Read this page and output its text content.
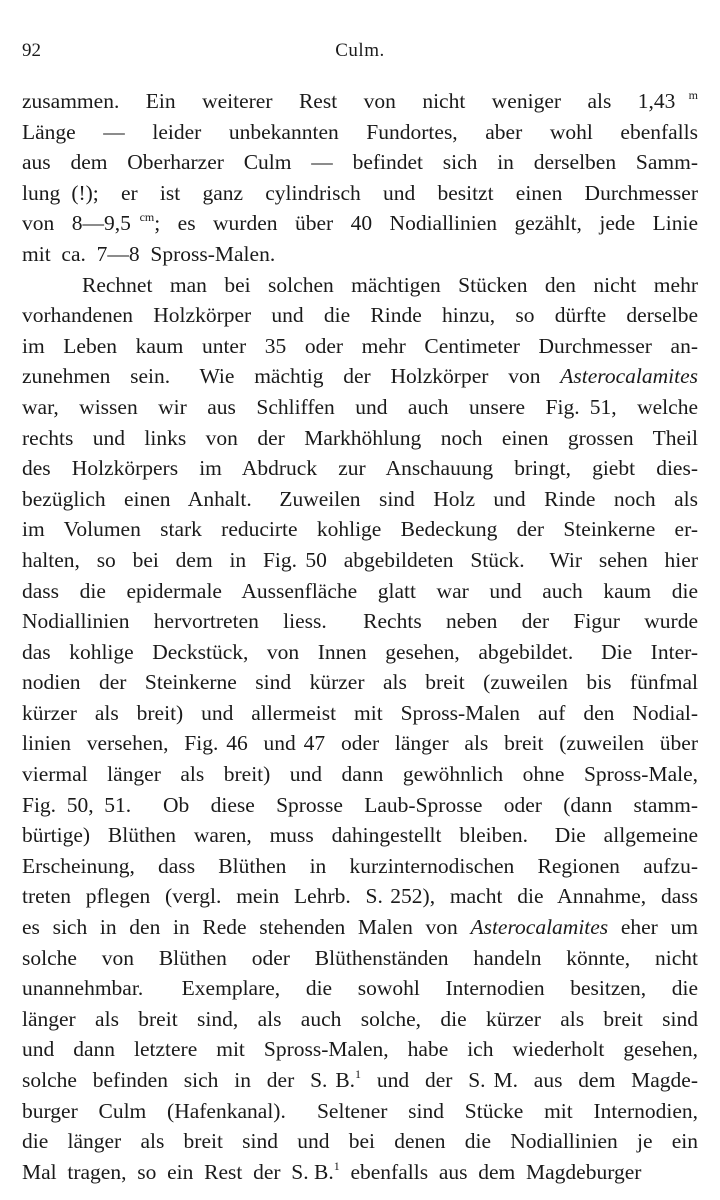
92	Culm.
zusammen.  Ein  weiterer  Rest  von  nicht  weniger  als  1,43 $^m$
Länge  —  leider  unbekannten  Fundortes,  aber  wohl  ebenfalls
aus  dem  Oberharzer  Culm  —  befindet  sich  in  derselben  Samm-
lung (!);  er  ist  ganz  cylindrisch  und  besitzt  einen  Durchmesser
von  8—9,5 $^{cm}$;  es  wurden  über  40  Nodiallinien  gezählt,  jede  Linie
mit  ca.  7—8  Spross-Malen.
Rechnet  man  bei  solchen  mächtigen  Stücken  den  nicht  mehr
vorhandenen  Holzkörper  und  die  Rinde  hinzu,  so  dürfte  derselbe
im  Leben  kaum  unter  35  oder  mehr  Centimeter  Durchmesser  an-
zunehmen  sein.   Wie  mächtig  der  Holzkörper  von  Asterocalamites
war,  wissen  wir  aus  Schliffen  und  auch  unsere  Fig. 51,  welche
rechts  und  links  von  der  Markhöhlung  noch  einen  grossen  Theil
des  Holzkörpers  im  Abdruck  zur  Anschauung  bringt,  giebt  dies-
bezüglich  einen  Anhalt.   Zuweilen  sind  Holz  und  Rinde  noch  als
im  Volumen  stark  reducirte  kohlige  Bedeckung  der  Steinkerne  er-
halten,  so  bei  dem  in  Fig. 50  abgebildeten  Stück.   Wir  sehen  hier
dass  die  epidermale  Aussenfläche  glatt  war  und  auch  kaum  die
Nodiallinien  hervortreten  liess.   Rechts  neben  der  Figur  wurde
das  kohlige  Deckstück,  von  Innen  gesehen,  abgebildet.   Die  Inter-
nodien  der  Steinkerne  sind  kürzer  als  breit  (zuweilen  bis  fünfmal
kürzer  als  breit)  und  allermeist  mit  Spross-Malen  auf  den  Nodial-
linien  versehen,  Fig. 46  und 47  oder  länger  als  breit  (zuweilen  über
viermal  länger  als  breit)  und  dann  gewöhnlich  ohne  Spross-Male,
Fig. 50, 51.   Ob  diese  Sprosse  Laub-Sprosse  oder  (dann  stamm-
bürtige)  Blüthen  waren,  muss  dahingestellt  bleiben.   Die  allgemeine
Erscheinung,  dass  Blüthen  in  kurzinternodischen  Regionen  aufzu-
treten  pflegen  (vergl.  mein  Lehrb.  S. 252),  macht  die  Annahme,  dass
es  sich  in  den  in  Rede  stehenden  Malen  von  Asterocalamites  eher  um
solche  von  Blüthen  oder  Blüthenständen  handeln  könnte,  nicht
unannehmbar.   Exemplare,  die  sowohl  Internodien  besitzen,  die
länger  als  breit  sind,  als  auch  solche,  die  kürzer  als  breit  sind
und  dann  letztere  mit  Spross-Malen,  habe  ich  wiederholt  gesehen,
solche  befinden  sich  in  der  S. B.$^1$  und  der  S. M.  aus  dem  Magde-
burger  Culm  (Hafenkanal).   Seltener  sind  Stücke  mit  Internodien,
die  länger  als  breit  sind  und  bei  denen  die  Nodiallinien  je  ein
Mal  tragen,  so  ein  Rest  der  S. B.$^1$  ebenfalls  aus  dem  Magdeburger
